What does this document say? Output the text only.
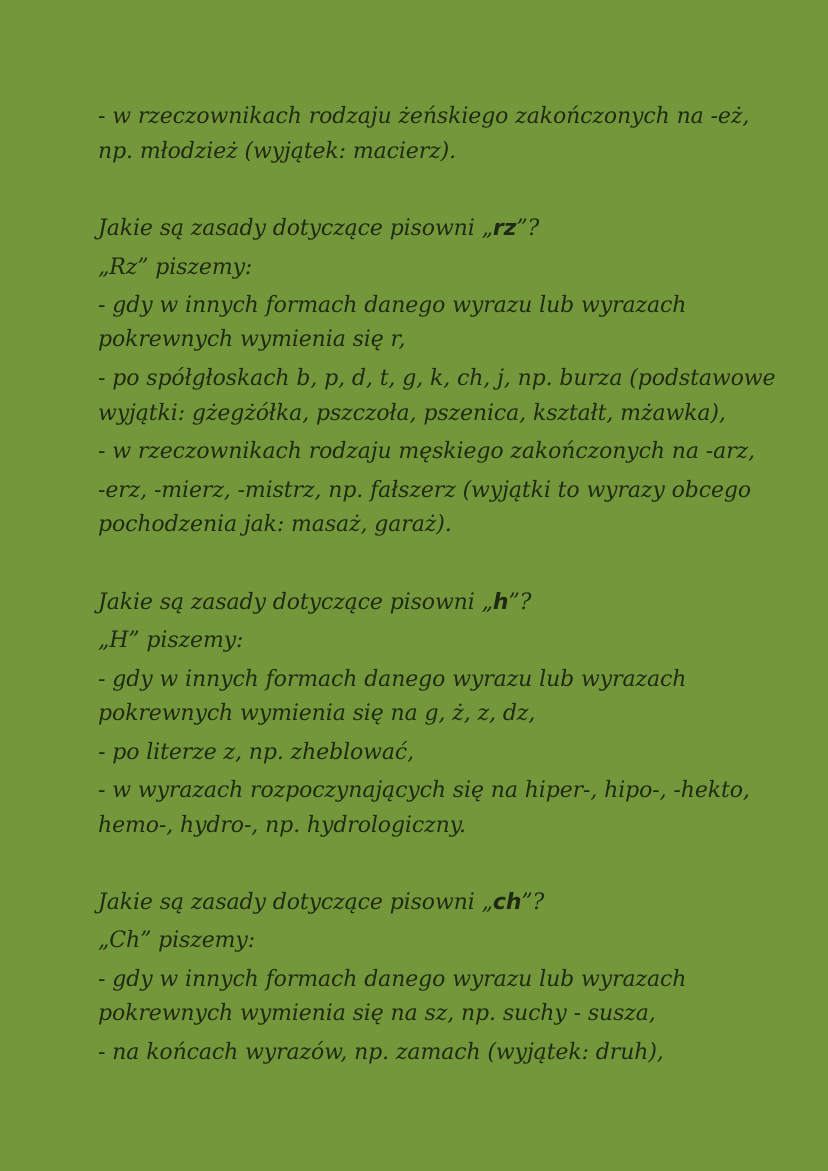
- w rzeczownikach rodzaju żeńskiego zakończonych na -eż,

np. młodzież (wyjątek: macierz).

Jakie są zasady dotyczące pisowni „rz”?

„Rz” piszemy:

- gdy w innych formach danego wyrazu lub wyrazach

pokrewnych wymienia się r,

- po spółgłoskach b, p, d, t, g, k, ch, j, np. burza (podstawowe

wyjątki: gżegżółka, pszczoła, pszenica, kształt, mżawka),

- w rzeczownikach rodzaju męskiego zakończonych na -arz,

-erz, -mierz, -mistrz, np. fałszerz (wyjątki to wyrazy obcego

pochodzenia jak: masaż, garaż).

Jakie są zasady dotyczące pisowni „h”?

„H” piszemy:

- gdy w innych formach danego wyrazu lub wyrazach

pokrewnych wymienia się na g, ż, z, dz,

- po literze z, np. zheblować,

- w wyrazach rozpoczynających się na hiper-, hipo-, -hekto,

hemo-, hydro-, np. hydrologiczny.

Jakie są zasady dotyczące pisowni „ch”?

„Ch” piszemy:

- gdy w innych formach danego wyrazu lub wyrazach

pokrewnych wymienia się na sz, np. suchy - susza,

- na końcach wyrazów, np. zamach (wyjątek: druh),
